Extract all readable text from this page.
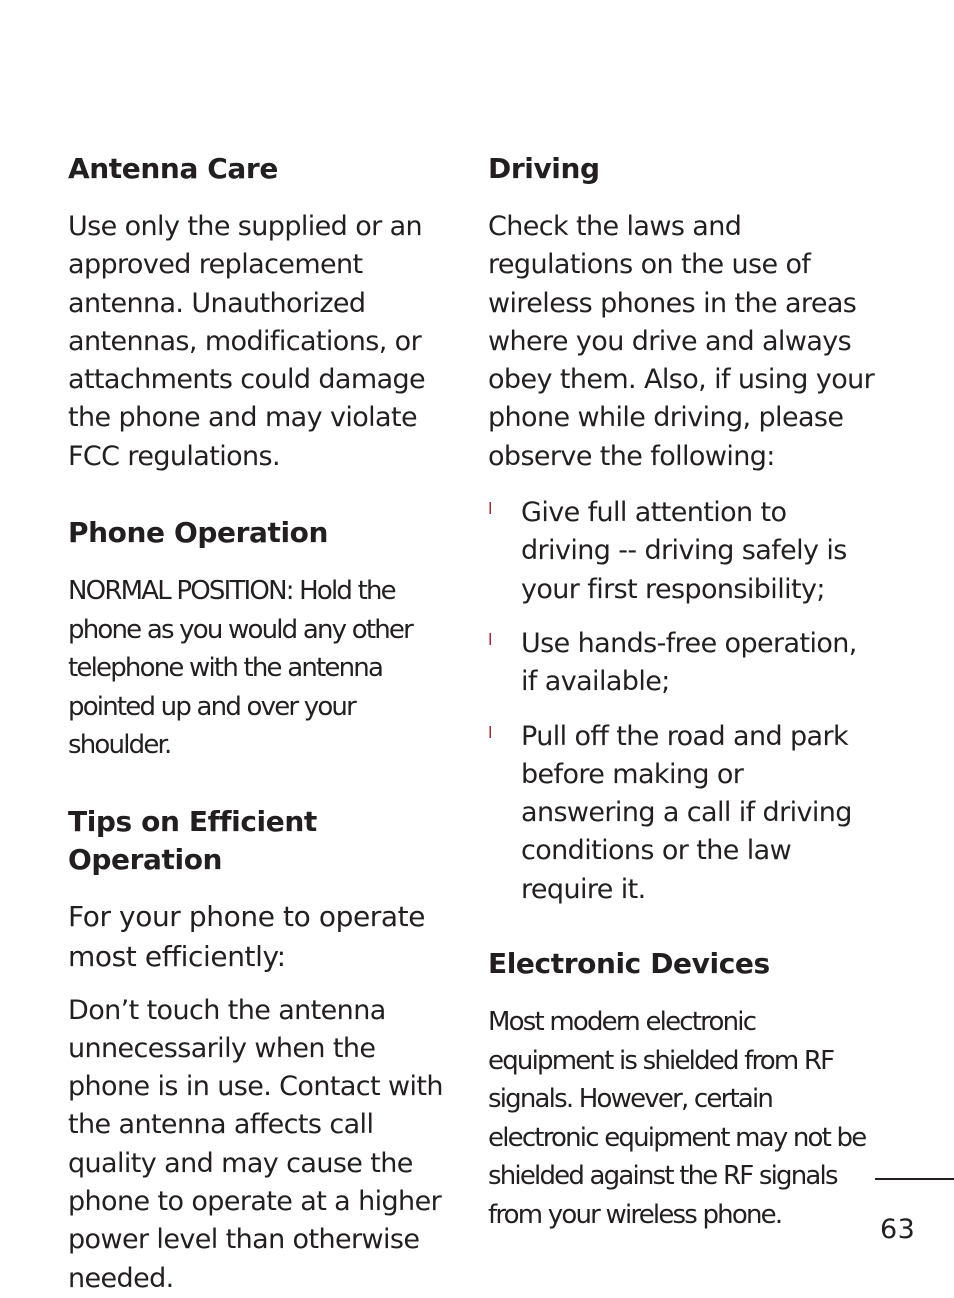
Antenna Care

Use only the supplied or an approved replacement antenna. Unauthorized antennas, modifications, or attachments could damage the phone and may violate FCC regulations.

Phone Operation

NORMAL POSITION: Hold the phone as you would any other telephone with the antenna pointed up and over your shoulder.

Tips on Efficient Operation

For your phone to operate most efficiently:

Don’t touch the antenna unnecessarily when the phone is in use. Contact with the antenna affects call quality and may cause the phone to operate at a higher power level than otherwise needed.

Driving

Check the laws and regulations on the use of wireless phones in the areas where you drive and always obey them. Also, if using your phone while driving, please observe the following:

l Give full attention to driving -- driving safely is your first responsibility;
l Use hands-free operation, if available;
l Pull off the road and park before making or answering a call if driving conditions or the law require it.
Electronic Devices

Most modern electronic equipment is shielded from RF signals. However, certain electronic equipment may not be shielded against the RF signals from your wireless phone.	63
